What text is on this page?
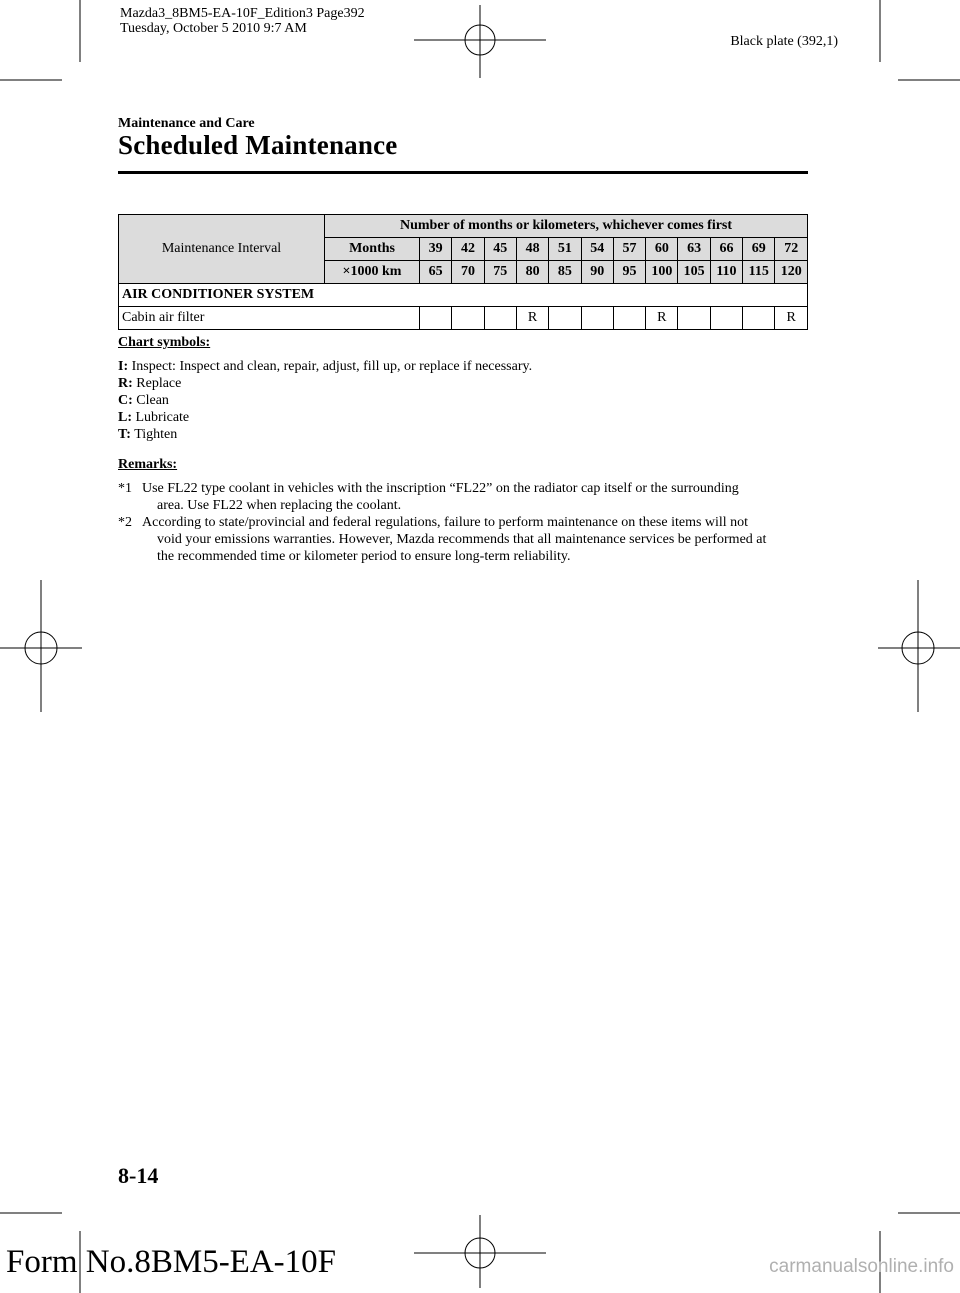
Mazda3_8BM5-EA-10F_Edition3 Page392
Tuesday, October 5 2010 9:7 AM
Black plate (392,1)
Maintenance and Care
Scheduled Maintenance
Maintenance Interval	Number of months or kilometers, whichever comes first												
	Months	39	42	45	48	51	54	57	60	63	66	69	72
	×1000 km	65	70	75	80	85	90	95	100	105	110	115	120
AIR CONDITIONER SYSTEM													
Cabin air filter					R				R				R
Chart symbols:
I: Inspect: Inspect and clean, repair, adjust, fill up, or replace if necessary.
R: Replace
C: Clean
L: Lubricate
T: Tighten
Remarks:
*1 Use FL22 type coolant in vehicles with the inscription “FL22” on the radiator cap itself or the surrounding
area. Use FL22 when replacing the coolant.
*2 According to state/provincial and federal regulations, failure to perform maintenance on these items will not
void your emissions warranties. However, Mazda recommends that all maintenance services be performed at
the recommended time or kilometer period to ensure long-term reliability.
8-14
Form No.8BM5-EA-10F	carmanualsonline.info
